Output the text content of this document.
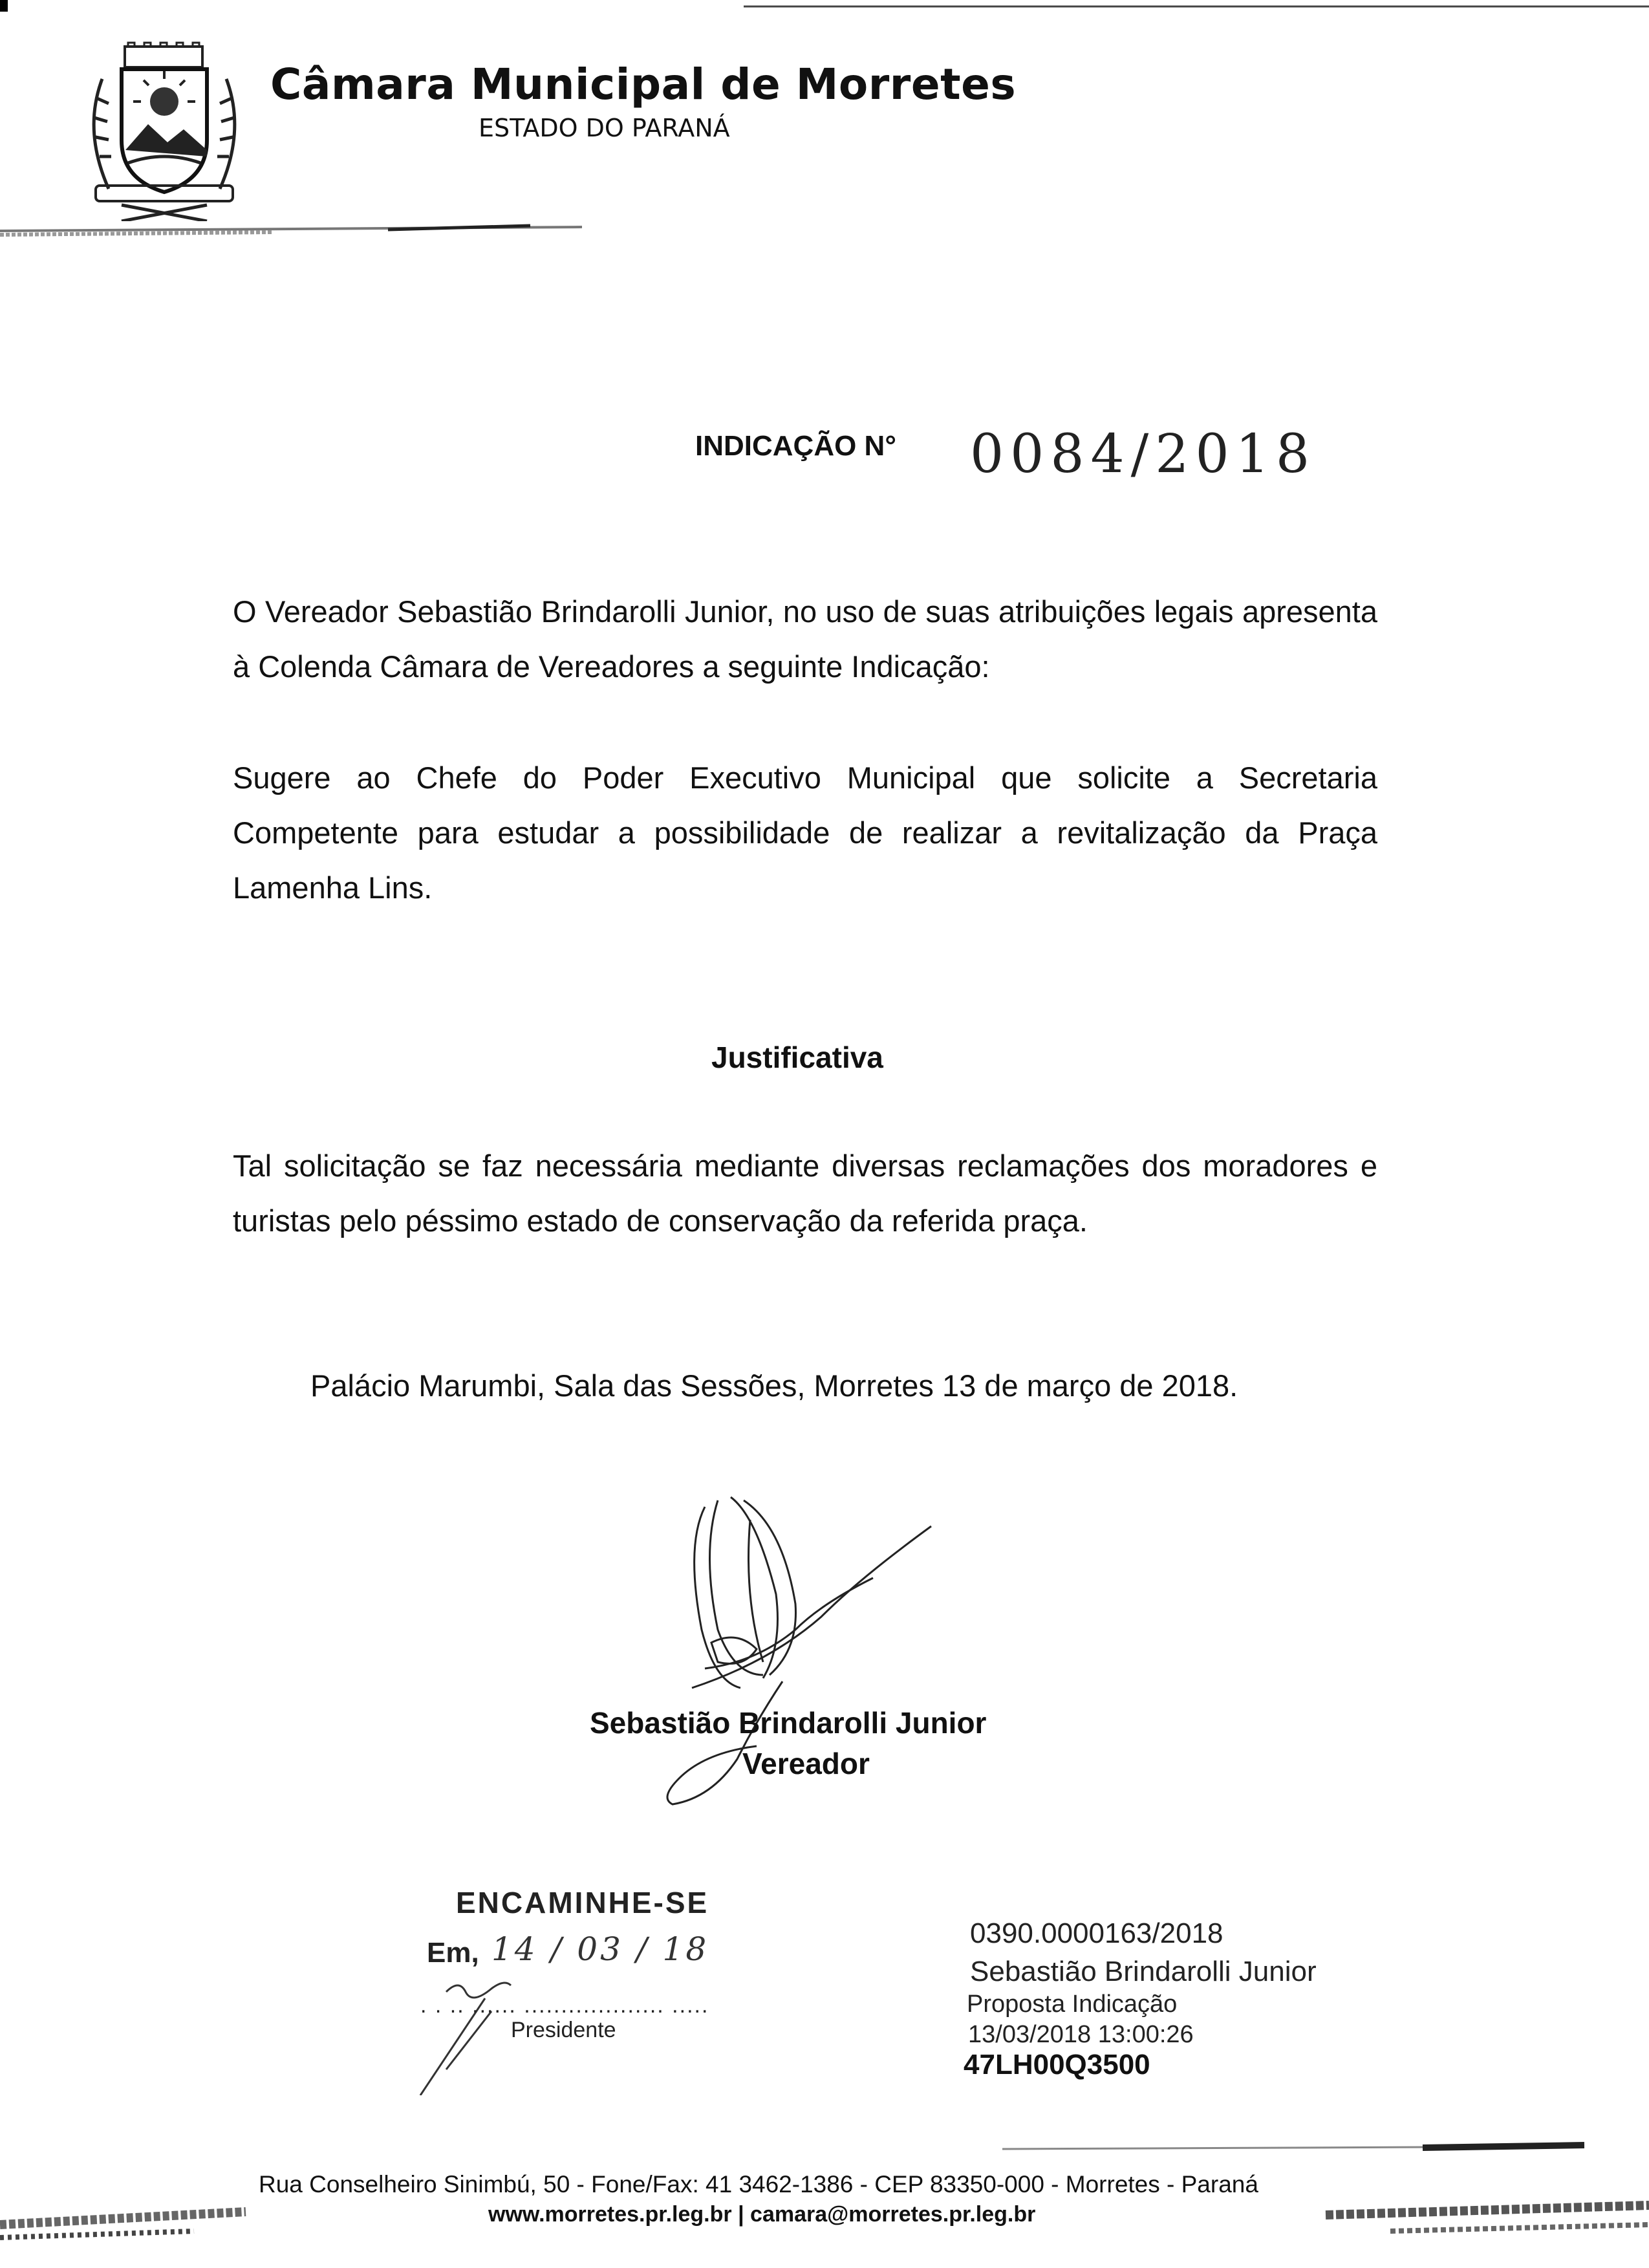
Câmara Municipal de Morretes
ESTADO DO PARANÁ
INDICAÇÃO N° 0084/2018
O Vereador Sebastião Brindarolli Junior, no uso de suas atribuições legais apresenta à Colenda Câmara de Vereadores a seguinte Indicação:
Sugere ao Chefe do Poder Executivo Municipal que solicite a Secretaria Competente para estudar a possibilidade de realizar a revitalização da Praça Lamenha Lins.
Justificativa
Tal solicitação se faz necessária mediante diversas reclamações dos moradores e turistas pelo péssimo estado de conservação da referida praça.
Palácio Marumbi, Sala das Sessões, Morretes 13 de março de 2018.
Sebastião Brindarolli Junior
Vereador
ENCAMINHE-SE
Em, 14 / 03 / 18
. . .. ...... ................... .....
Presidente
0390.0000163/2018
Sebastião Brindarolli Junior
Proposta Indicação
13/03/2018 13:00:26
47LH00Q3500
Rua Conselheiro Sinimbú, 50 - Fone/Fax: 41 3462-1386 - CEP 83350-000 - Morretes - Paraná
www.morretes.pr.leg.br | camara@morretes.pr.leg.br
